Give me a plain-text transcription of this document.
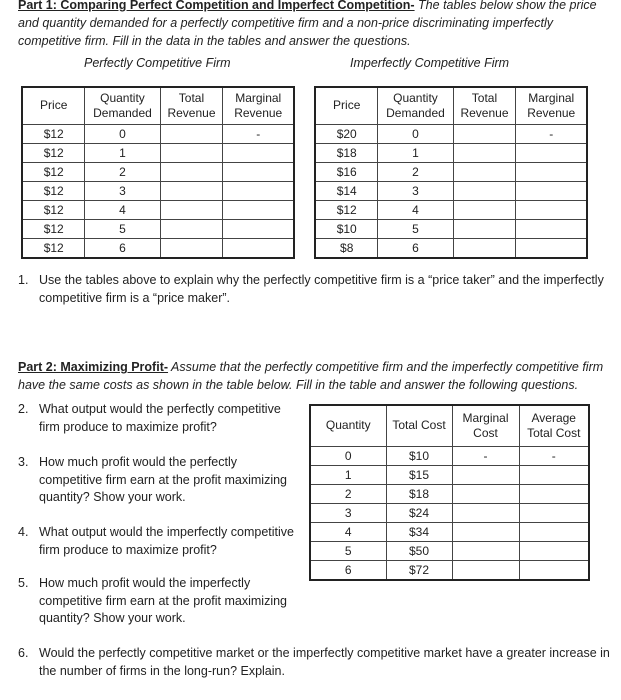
Part 1: Comparing Perfect Competition and Imperfect Competition- The tables below show the price and quantity demanded for a perfectly competitive firm and a non-price discriminating imperfectly competitive firm. Fill in the data in the tables and answer the questions.
Perfectly Competitive Firm	Imperfectly Competitive Firm
Price	Quantity Demanded	Total Revenue	Marginal Revenue
$12	0		-
$12	1		
$12	2		
$12	3		
$12	4		
$12	5		
$12	6		
Price	Quantity Demanded	Total Revenue	Marginal Revenue
$20	0		-
$18	1		
$16	2		
$14	3		
$12	4		
$10	5		
$8	6		
1. Use the tables above to explain why the perfectly competitive firm is a “price taker” and the imperfectly competitive firm is a “price maker”.
Part 2: Maximizing Profit- Assume that the perfectly competitive firm and the imperfectly competitive firm have the same costs as shown in the table below. Fill in the table and answer the following questions.
2. What output would the perfectly competitive firm produce to maximize profit?
3. How much profit would the perfectly competitive firm earn at the profit maximizing quantity? Show your work.
4. What output would the imperfectly competitive firm produce to maximize profit?
5. How much profit would the imperfectly competitive firm earn at the profit maximizing quantity? Show your work.
Quantity	Total Cost	Marginal Cost	Average Total Cost
0	$10	-	-
1	$15		
2	$18		
3	$24		
4	$34		
5	$50		
6	$72		
6. Would the perfectly competitive market or the imperfectly competitive market have a greater increase in the number of firms in the long-run? Explain.
